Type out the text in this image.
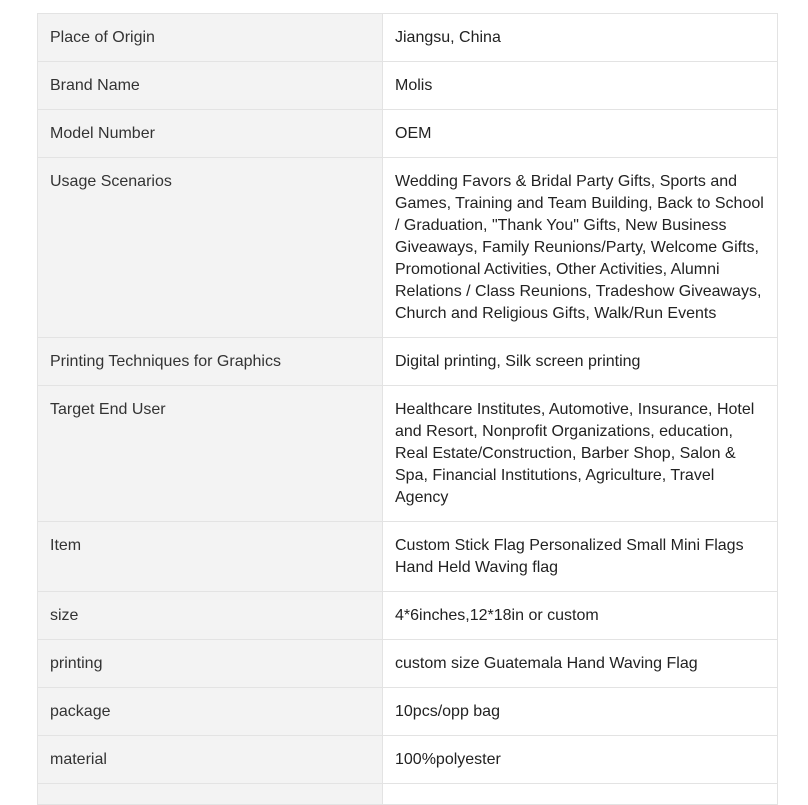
Place of Origin	Jiangsu, China
Brand Name	Molis
Model Number	OEM
Usage Scenarios	Wedding Favors & Bridal Party Gifts, Sports and Games, Training and Team Building, Back to School / Graduation, "Thank You" Gifts, New Business Giveaways, Family Reunions/Party, Welcome Gifts, Promotional Activities, Other Activities, Alumni Relations / Class Reunions, Tradeshow Giveaways, Church and Religious Gifts, Walk/Run Events
Printing Techniques for Graphics	Digital printing, Silk screen printing
Target End User	Healthcare Institutes, Automotive, Insurance, Hotel and Resort, Nonprofit Organizations, education, Real Estate/Construction, Barber Shop, Salon & Spa, Financial Institutions, Agriculture, Travel Agency
Item	Custom Stick Flag Personalized Small Mini Flags Hand Held Waving flag
size	4*6inches,12*18in or custom
printing	custom size Guatemala Hand Waving Flag
package	10pcs/opp bag
material	100%polyester
